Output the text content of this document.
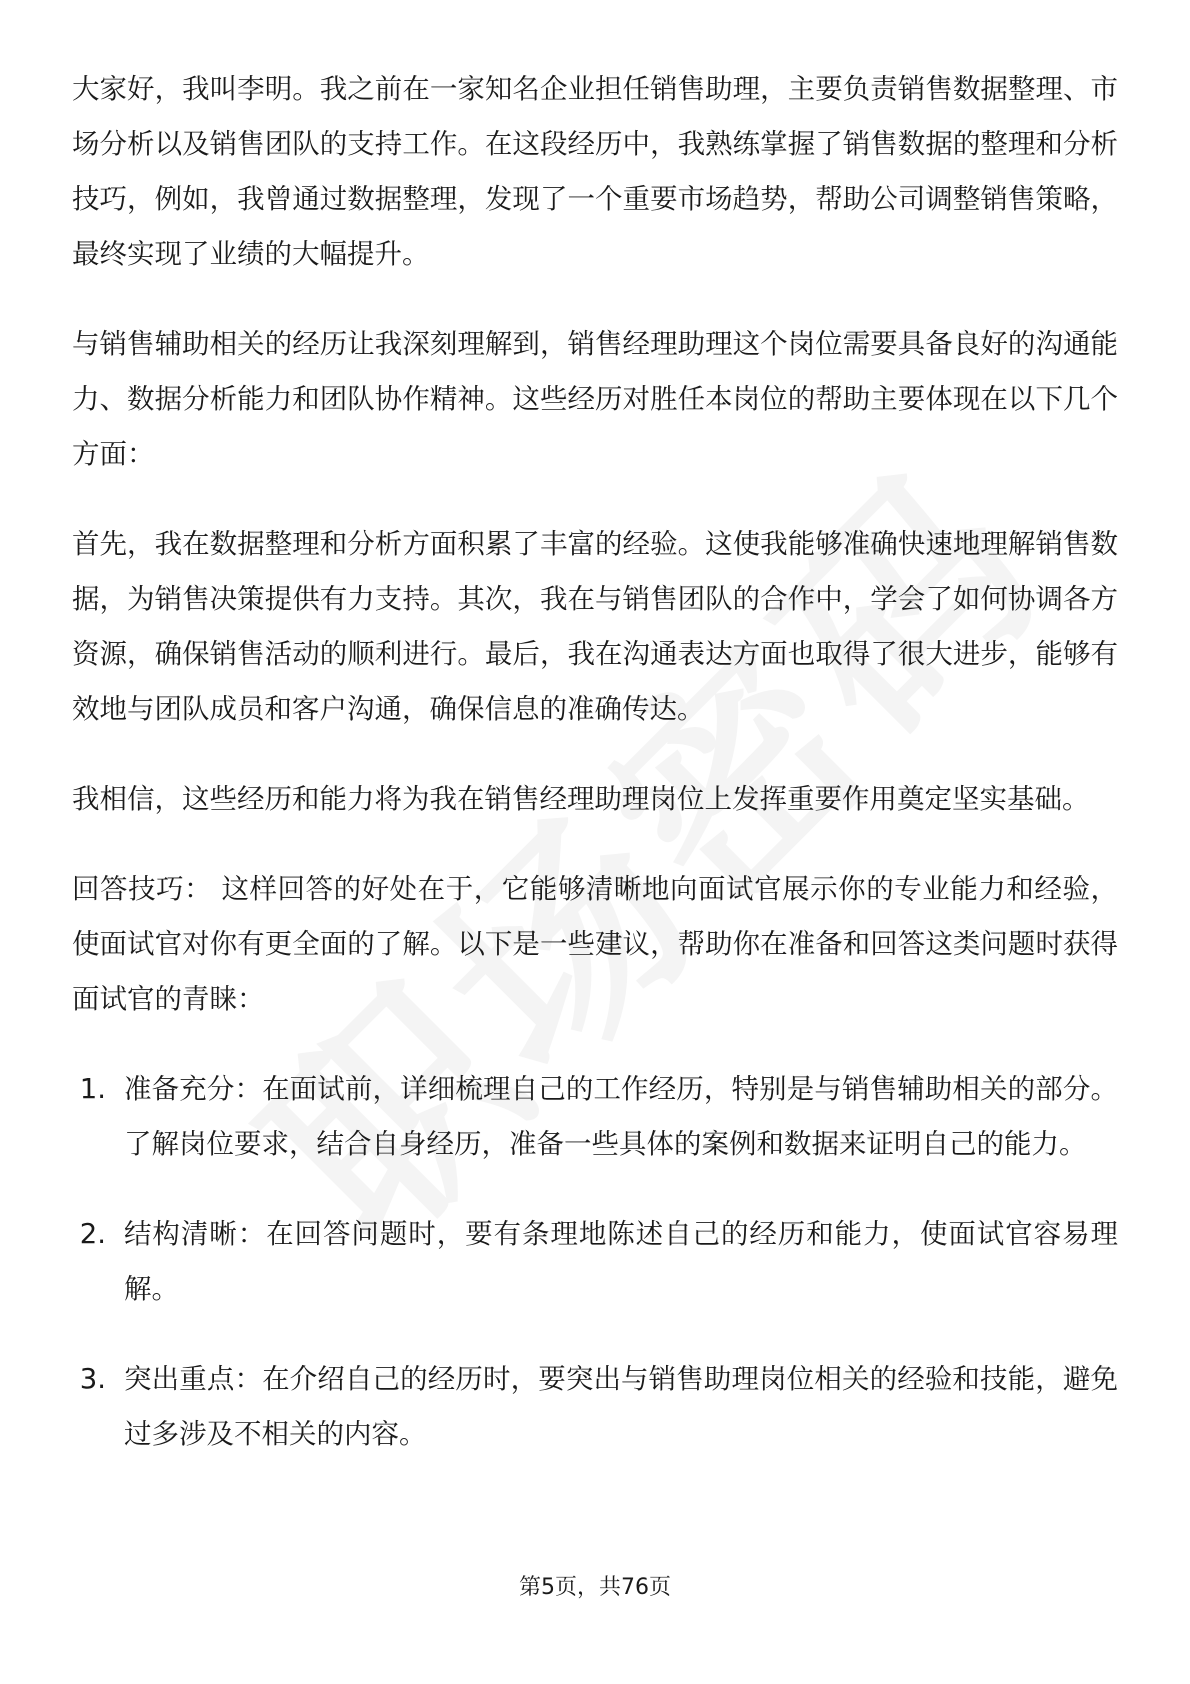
大家好，我叫李明。我之前在一家知名企业担任销售助理，主要负责销售数据整理、市场分析以及销售团队的支持工作。在这段经历中，我熟练掌握了销售数据的整理和分析技巧，例如，我曾通过数据整理，发现了一个重要市场趋势，帮助公司调整销售策略，最终实现了业绩的大幅提升。

与销售辅助相关的经历让我深刻理解到，销售经理助理这个岗位需要具备良好的沟通能力、数据分析能力和团队协作精神。这些经历对胜任本岗位的帮助主要体现在以下几个方面：

首先，我在数据整理和分析方面积累了丰富的经验。这使我能够准确快速地理解销售数据，为销售决策提供有力支持。其次，我在与销售团队的合作中，学会了如何协调各方资源，确保销售活动的顺利进行。最后，我在沟通表达方面也取得了很大进步，能够有效地与团队成员和客户沟通，确保信息的准确传达。

我相信，这些经历和能力将为我在销售经理助理岗位上发挥重要作用奠定坚实基础。

回答技巧： 这样回答的好处在于，它能够清晰地向面试官展示你的专业能力和经验，使面试官对你有更全面的了解。以下是一些建议，帮助你在准备和回答这类问题时获得面试官的青睐：

1. 准备充分：在面试前，详细梳理自己的工作经历，特别是与销售辅助相关的部分。了解岗位要求，结合自身经历，准备一些具体的案例和数据来证明自己的能力。
2. 结构清晰：在回答问题时，要有条理地陈述自己的经历和能力，使面试官容易理解。
3. 突出重点：在介绍自己的经历时，要突出与销售助理岗位相关的经验和技能，避免过多涉及不相关的内容。
第5页，共76页
